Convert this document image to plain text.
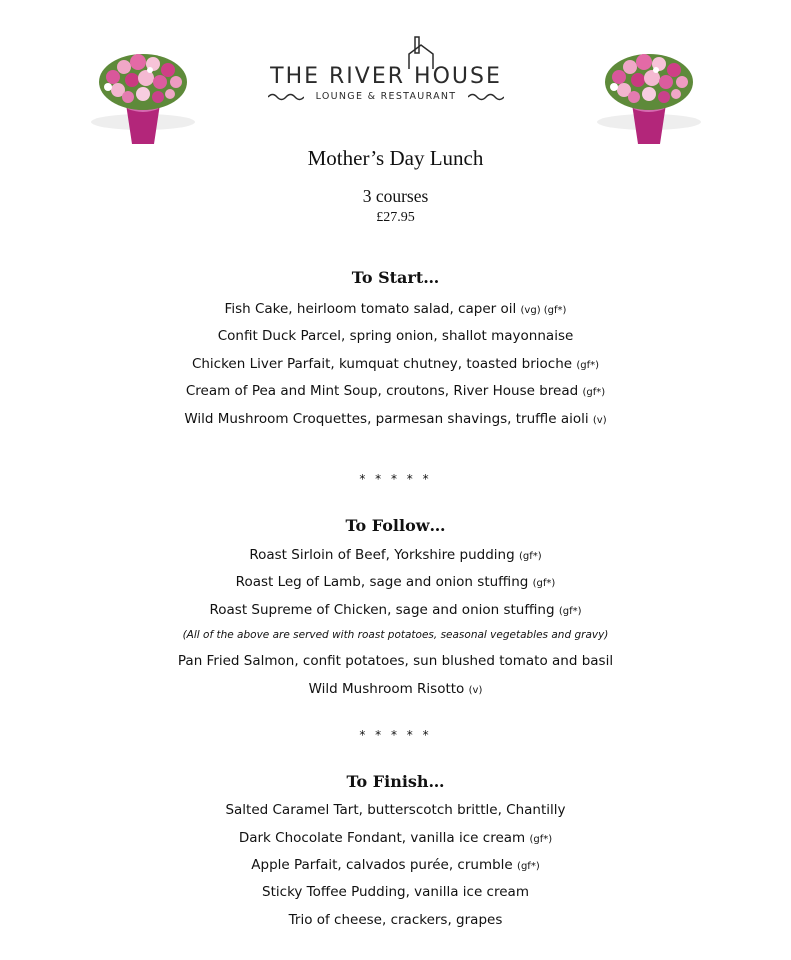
THE RIVER HOUSE
LOUNGE & RESTAURANT
Mother’s Day Lunch
3 courses
£27.95
To Start…
Fish Cake, heirloom tomato salad, caper oil (vg) (gf*)
Confit Duck Parcel, spring onion, shallot mayonnaise
Chicken Liver Parfait, kumquat chutney, toasted brioche (gf*)
Cream of Pea and Mint Soup, croutons, River House bread (gf*)
Wild Mushroom Croquettes, parmesan shavings, truffle aioli (v)
* * * * *
To Follow…
Roast Sirloin of Beef, Yorkshire pudding (gf*)
Roast Leg of Lamb, sage and onion stuffing (gf*)
Roast Supreme of Chicken, sage and onion stuffing (gf*)
(All of the above are served with roast potatoes, seasonal vegetables and gravy)
Pan Fried Salmon, confit potatoes, sun blushed tomato and basil
Wild Mushroom Risotto (v)
* * * * *
To Finish…
Salted Caramel Tart, butterscotch brittle, Chantilly
Dark Chocolate Fondant, vanilla ice cream (gf*)
Apple Parfait, calvados purée, crumble (gf*)
Sticky Toffee Pudding, vanilla ice cream
Trio of cheese, crackers, grapes
